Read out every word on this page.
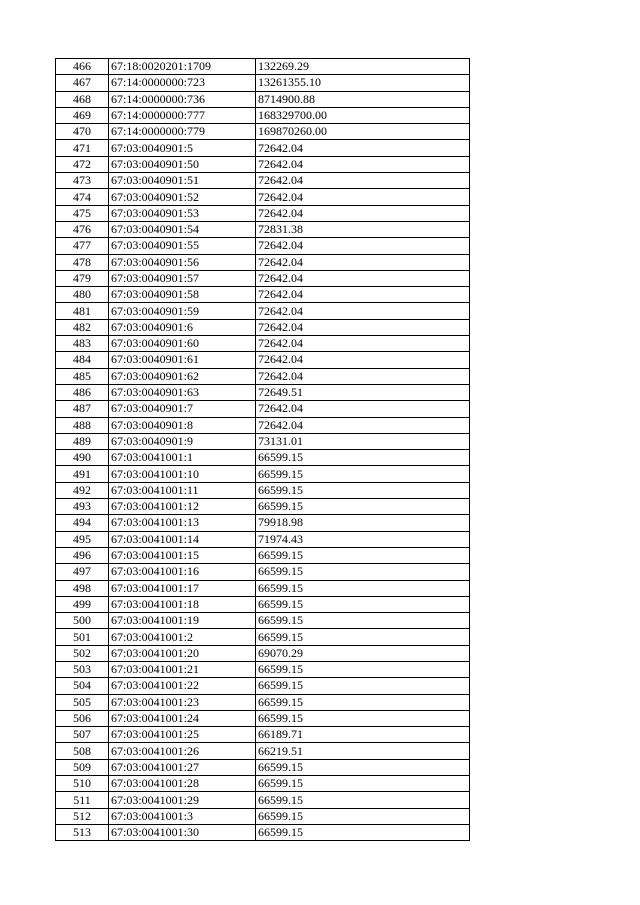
466	67:18:0020201:1709	132269.29
467	67:14:0000000:723	13261355.10
468	67:14:0000000:736	8714900.88
469	67:14:0000000:777	168329700.00
470	67:14:0000000:779	169870260.00
471	67:03:0040901:5	72642.04
472	67:03:0040901:50	72642.04
473	67:03:0040901:51	72642.04
474	67:03:0040901:52	72642.04
475	67:03:0040901:53	72642.04
476	67:03:0040901:54	72831.38
477	67:03:0040901:55	72642.04
478	67:03:0040901:56	72642.04
479	67:03:0040901:57	72642.04
480	67:03:0040901:58	72642.04
481	67:03:0040901:59	72642.04
482	67:03:0040901:6	72642.04
483	67:03:0040901:60	72642.04
484	67:03:0040901:61	72642.04
485	67:03:0040901:62	72642.04
486	67:03:0040901:63	72649.51
487	67:03:0040901:7	72642.04
488	67:03:0040901:8	72642.04
489	67:03:0040901:9	73131.01
490	67:03:0041001:1	66599.15
491	67:03:0041001:10	66599.15
492	67:03:0041001:11	66599.15
493	67:03:0041001:12	66599.15
494	67:03:0041001:13	79918.98
495	67:03:0041001:14	71974.43
496	67:03:0041001:15	66599.15
497	67:03:0041001:16	66599.15
498	67:03:0041001:17	66599.15
499	67:03:0041001:18	66599.15
500	67:03:0041001:19	66599.15
501	67:03:0041001:2	66599.15
502	67:03:0041001:20	69070.29
503	67:03:0041001:21	66599.15
504	67:03:0041001:22	66599.15
505	67:03:0041001:23	66599.15
506	67:03:0041001:24	66599.15
507	67:03:0041001:25	66189.71
508	67:03:0041001:26	66219.51
509	67:03:0041001:27	66599.15
510	67:03:0041001:28	66599.15
511	67:03:0041001:29	66599.15
512	67:03:0041001:3	66599.15
513	67:03:0041001:30	66599.15
